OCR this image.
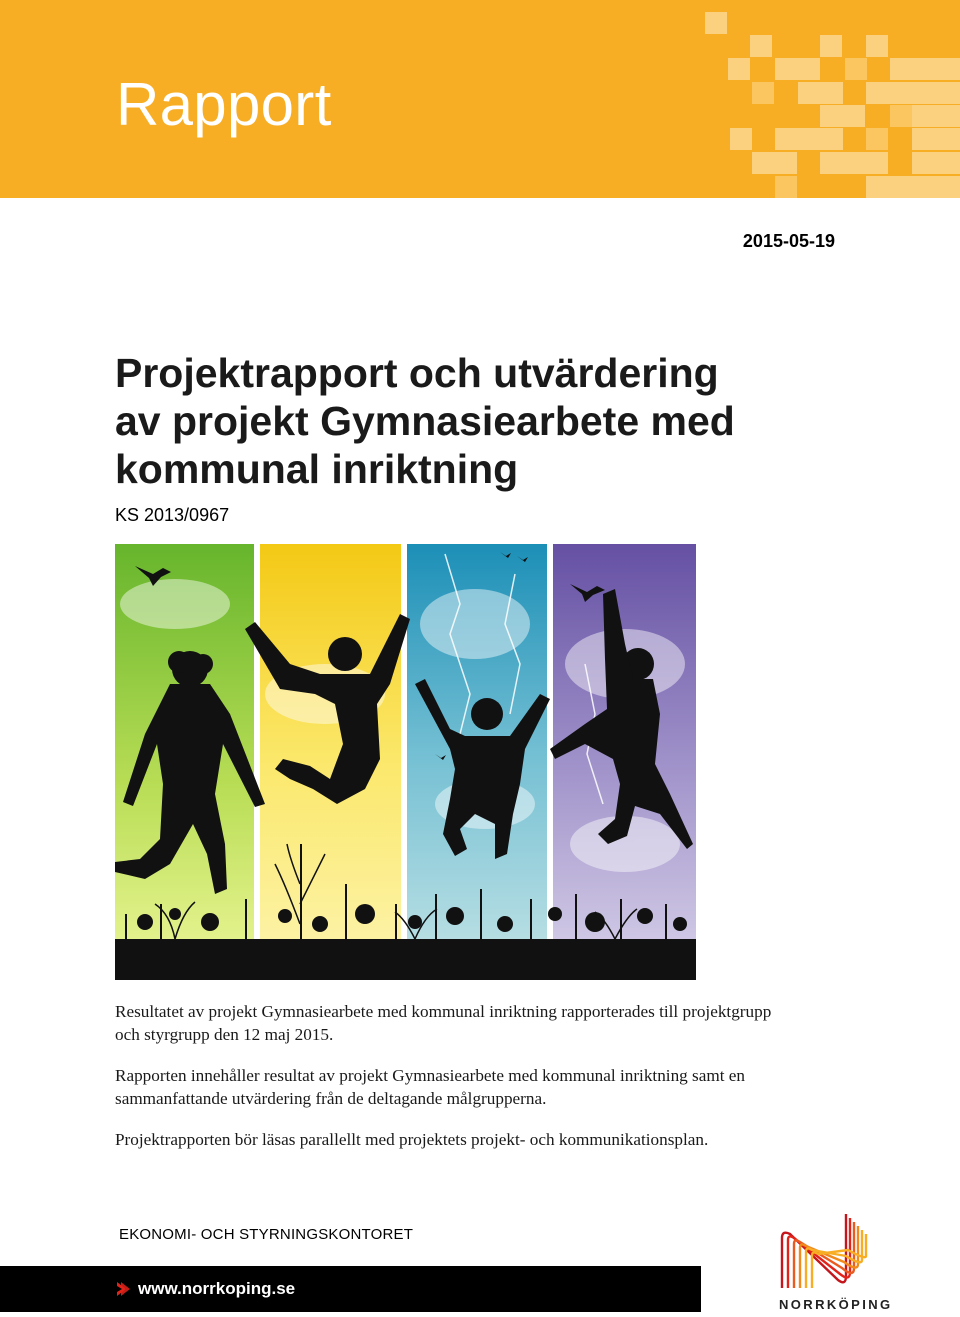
Rapport
2015-05-19
Projektrapport och utvärdering
av projekt Gymnasiearbete med
kommunal inriktning
KS 2013/0967

Resultatet av projekt Gymnasiearbete med kommunal inriktning rapporterades till projektgrupp och styrgrupp den 12 maj 2015.

Rapporten innehåller resultat av projekt Gymnasiearbete med kommunal inriktning samt en sammanfattande utvärdering från de deltagande målgrupperna.

Projektrapporten bör läsas parallellt med projektets projekt- och kommunikationsplan.

EKONOMI- OCH STYRNINGSKONTORET
www.norrkoping.se
NORRKÖPING
